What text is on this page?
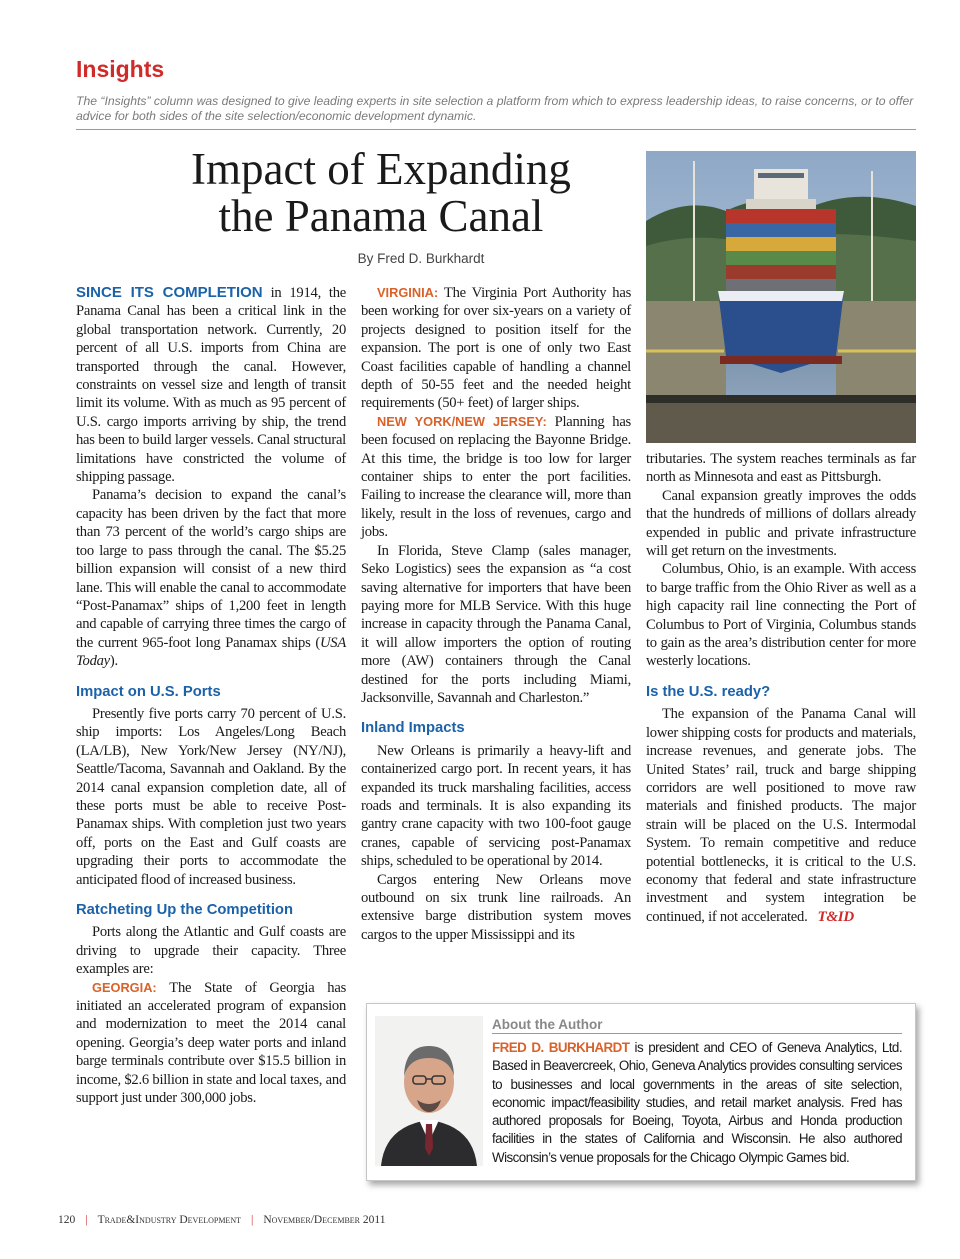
Insights
The “Insights” column was designed to give leading experts in site selection a platform from which to express leadership ideas, to raise concerns, or to offer advice for both sides of the site selection/economic development dynamic.
Impact of Expanding
the Panama Canal
By Fred D. Burkhardt

SINCE ITS COMPLETION in 1914, the Panama Canal has been a critical link in the global transportation network. Currently, 20 percent of all U.S. imports from China are transported through the canal. However, constraints on vessel size and length of transit limit its volume. With as much as 95 percent of U.S. cargo imports arriving by ship, the trend has been to build larger vessels. Canal structural limitations have constricted the volume of shipping passage.

Panama’s decision to expand the canal’s capacity has been driven by the fact that more than 73 percent of the world’s cargo ships are too large to pass through the canal. The $5.25 billion expansion will consist of a new third lane. This will enable the canal to accommodate “Post-Panamax” ships of 1,200 feet in length and capable of carrying three times the cargo of the current 965-foot long Panamax ships (USA Today).

Impact on U.S. Ports

Presently five ports carry 70 percent of U.S. ship imports: Los Angeles/Long Beach (LA/LB), New York/New Jersey (NY/NJ), Seattle/Tacoma, Savannah and Oakland. By the 2014 canal expansion completion date, all of these ports must be able to receive Post-Panamax ships. With completion just two years off, ports on the East and Gulf coasts are upgrading their ports to accommodate the anticipated flood of increased business.

Ratcheting Up the Competition

Ports along the Atlantic and Gulf coasts are driving to upgrade their capacity. Three examples are:

GEORGIA: The State of Georgia has initiated an accelerated program of expansion and modernization to meet the 2014 canal opening. Georgia’s deep water ports and inland barge terminals contribute over $15.5 billion in income, $2.6 billion in state and local taxes, and support just under 300,000 jobs.

VIRGINIA: The Virginia Port Authority has been working for over six-years on a variety of projects designed to position itself for the expansion. The port is one of only two East Coast facilities capable of handling a channel depth of 50-55 feet and the needed height requirements (50+ feet) of larger ships.

NEW YORK/NEW JERSEY: Planning has been focused on replacing the Bayonne Bridge. At this time, the bridge is too low for larger container ships to enter the port facilities. Failing to increase the clearance will, more than likely, result in the loss of revenues, cargo and jobs.

In Florida, Steve Clamp (sales manager, Seko Logistics) sees the expansion as “a cost saving alternative for importers that have been paying more for MLB Service. With this huge increase in capacity through the Panama Canal, it will allow importers the option of routing more (AW) containers through the Canal destined for the ports including Miami, Jacksonville, Savannah and Charleston.”

Inland Impacts

New Orleans is primarily a heavy-lift and containerized cargo port. In recent years, it has expanded its truck marshaling facilities, access roads and terminals. It is also expanding its gantry crane capacity with two 100-foot gauge cranes, capable of servicing post-Panamax ships, scheduled to be operational by 2014.

Cargos entering New Orleans move outbound on six trunk line railroads. An extensive barge distribution system moves cargos to the upper Mississippi and its

tributaries. The system reaches terminals as far north as Minnesota and east as Pittsburgh.

Canal expansion greatly improves the odds that the hundreds of millions of dollars already expended in public and private infrastructure will get return on the investments.

Columbus, Ohio, is an example. With access to barge traffic from the Ohio River as well as a high capacity rail line connecting the Port of Columbus to Port of Virginia, Columbus stands to gain as the area’s distribution center for more westerly locations.

Is the U.S. ready?

The expansion of the Panama Canal will lower shipping costs for products and materials, increase revenues, and generate jobs. The United States’ rail, truck and barge shipping corridors are well positioned to move raw materials and finished products. The major strain will be placed on the U.S. Intermodal System. To remain competitive and reduce potential bottlenecks, it is critical to the U.S. economy that federal and state infrastructure investment and system integration be continued, if not accelerated. T&ID

About the Author
FRED D. BURKHARDT is president and CEO of Geneva Analytics, Ltd. Based in Beavercreek, Ohio, Geneva Analytics provides consulting services to businesses and local governments in the areas of site selection, economic impact/feasibility studies, and retail market analysis. Fred has authored proposals for Boeing, Toyota, Airbus and Honda production facilities in the states of California and Wisconsin. He also authored Wisconsin’s venue proposals for the Chicago Olympic Games bid.
120 | Trade&Industry Development | November/December 2011
